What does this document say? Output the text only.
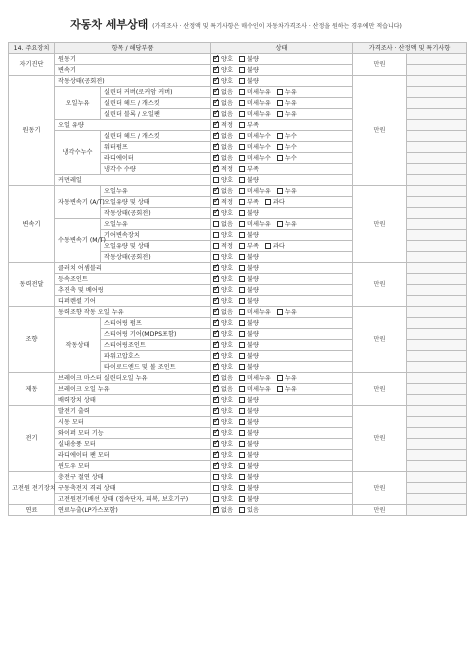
자동차 세부상태 (가격조사 · 산정액 및 특기사항은 매수인이 자동차가격조사 · 산정을 원하는 경우에만 적습니다)
14. 주요장치	항목 / 해당부품		상태	가격조사 · 산정액 및 특기사항	
자기진단	원동기	✓양호 불량	만원	
	변속기	✓양호 불량	
원동기	작동상태(공회전)	✓양호 불량	만원	
	오일누유	실린더 커버(로커암 커버)	✓없음 미세누유 누유	
		실린더 헤드 / 개스킷	✓없음 미세누유 누유	
		실린더 블록 / 오일팬	✓없음 미세누유 누유	
	오일 유량	✓적정 부족	
	냉각수누수	실린더 헤드 / 개스킷	✓없음 미세누수 누수	
		워터펌프	✓없음 미세누수 누수	
		라디에이터	✓없음 미세누수 누수	
		냉각수 수량	✓적정 부족	
	커먼레일		양호 불량		
변속기	자동변속기 (A/T)	오일누유	✓없음 미세누유 누유	만원	
		오일유량 및 상태	✓적정 부족 과다	
		작동상태(공회전)	✓양호 불량	
	수동변속기 (M/T)	오일누유	없음 미세누유 누유		
		기어변속장치	양호 불량		
		오일유량 및 상태	적정 부족 과다		
		작동상태(공회전)	양호 불량		
동력전달	클러치 어셈블리	✓양호 불량	만원	
	등속조인트	✓양호 불량	
	추진축 및 베어링	✓양호 불량	
	디퍼렌셜 기어	✓양호 불량	
조향	동력조향 작동 오일 누유	✓없음 미세누유 누유	만원	
	작동상태	스티어링 펌프	✓양호 불량	
		스티어링 기어(MDPS포함)	✓양호 불량	
		스티어링조인트	✓양호 불량	
		파워고압호스	✓양호 불량	
		타이로드엔드 및 볼 조인트	✓양호 불량	
제동	브레이크 마스터 실린더오일 누유	✓없음 미세누유 누유	만원	
	브레이크 오일 누유	✓없음 미세누유 누유	
	배력장치 상태	✓양호 불량	
전기	발전기 출력	✓양호 불량	만원	
	시동 모터	✓양호 불량	
	와이퍼 모터 기능	✓양호 불량	
	실내송풍 모터	✓양호 불량	
	라디에이터 팬 모터	✓양호 불량	
	윈도우 모터	✓양호 불량	
고전원 전기장치	충전구 절연 상태		양호 불량	만원	
	구동축전지 격리 상태		양호 불량		
	고전원전기배선 상태 (접속단자, 피복, 보호기구)		양호 불량		
연료	연료누출(LP가스포함)	✓없음 있음	만원	
